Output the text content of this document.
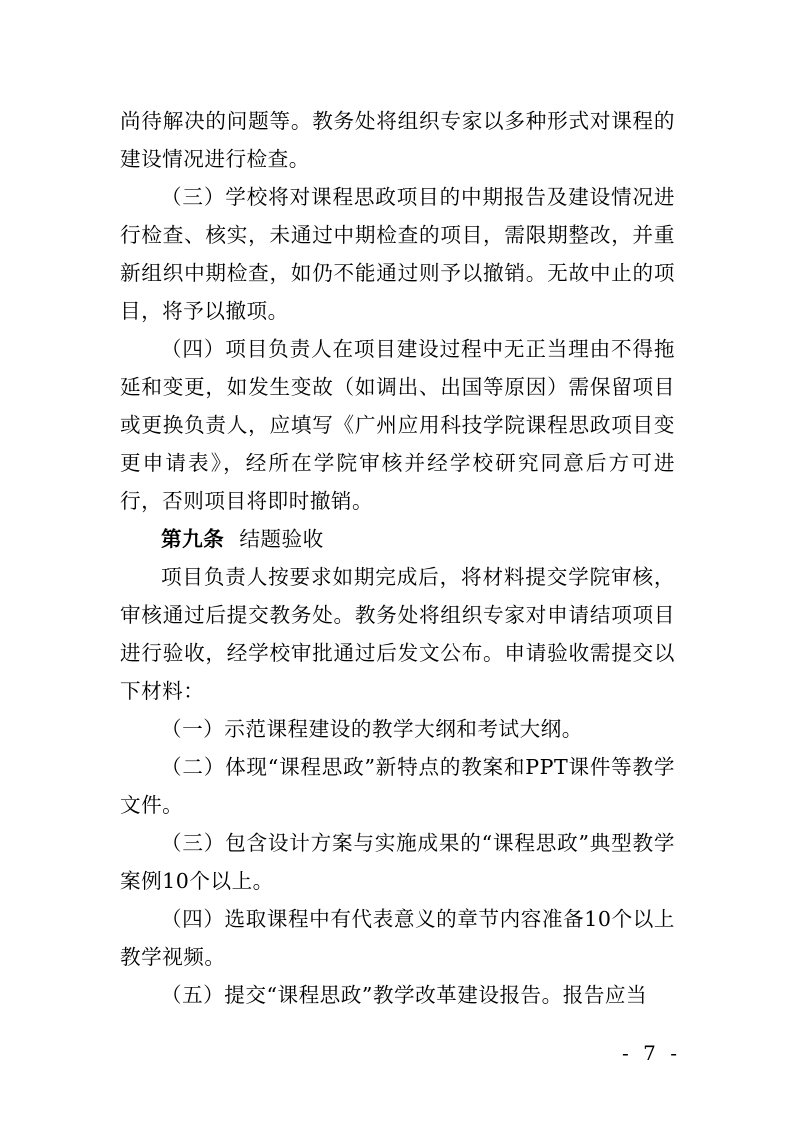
尚待解决的问题等。教务处将组织专家以多种形式对课程的建设情况进行检查。

（三）学校将对课程思政项目的中期报告及建设情况进行检查、核实，未通过中期检查的项目，需限期整改，并重新组织中期检查，如仍不能通过则予以撤销。无故中止的项目，将予以撤项。

（四）项目负责人在项目建设过程中无正当理由不得拖延和变更，如发生变故（如调出、出国等原因）需保留项目或更换负责人，应填写《广州应用科技学院课程思政项目变更申请表》，经所在学院审核并经学校研究同意后方可进行，否则项目将即时撤销。

第九条 结题验收

项目负责人按要求如期完成后，将材料提交学院审核，审核通过后提交教务处。教务处将组织专家对申请结项项目进行验收，经学校审批通过后发文公布。申请验收需提交以下材料：

（一）示范课程建设的教学大纲和考试大纲。

（二）体现“课程思政”新特点的教案和PPT课件等教学文件。

（三）包含设计方案与实施成果的“课程思政”典型教学案例10个以上。

（四）选取课程中有代表意义的章节内容准备10个以上教学视频。

（五）提交“课程思政”教学改革建设报告。报告应当

- 7 -
